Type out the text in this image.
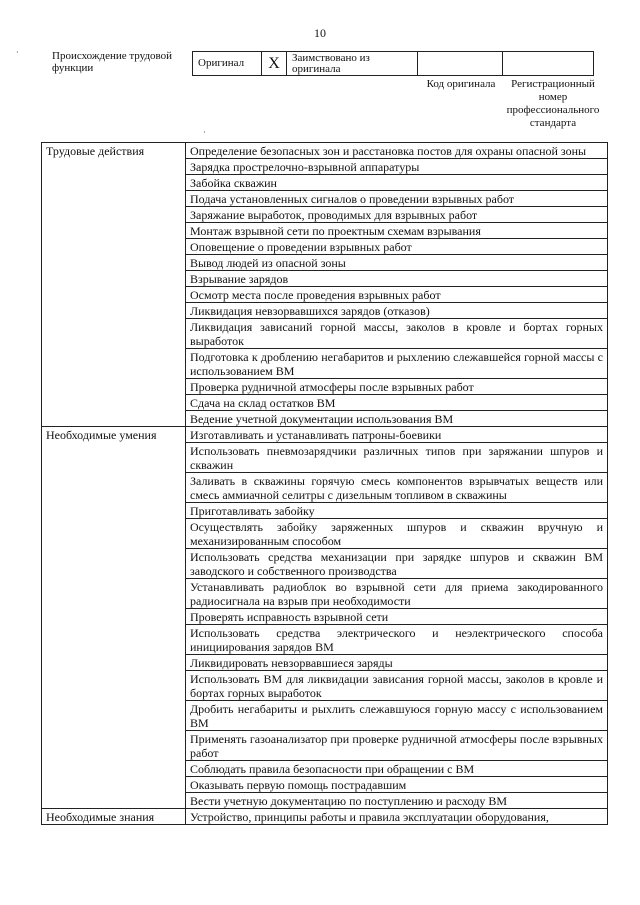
·
10
Происхождение трудовой функции	Оригинал	X	Заимствовано из оригинала		
Код оригинала	Регистрационный номер профессионального стандарта
·
Трудовые действия	Определение безопасных зон и расстановка постов для охраны опасной зоны
	Зарядка прострелочно-взрывной аппаратуры
	Забойка скважин
	Подача установленных сигналов о проведении взрывных работ
	Заряжание выработок, проводимых для взрывных работ
	Монтаж взрывной сети по проектным схемам взрывания
	Оповещение о проведении взрывных работ
	Вывод людей из опасной зоны
	Взрывание зарядов
	Осмотр места после проведения взрывных работ
	Ликвидация невзорвавшихся зарядов (отказов)
	Ликвидация зависаний горной массы, заколов в кровле и бортах горных выработок
	Подготовка к дроблению негабаритов и рыхлению слежавшейся горной массы с использованием ВМ
	Проверка рудничной атмосферы после взрывных работ
	Сдача на склад остатков ВМ
	Ведение учетной документации использования ВМ
Необходимые умения	Изготавливать и устанавливать патроны-боевики
	Использовать пневмозарядчики различных типов при заряжании шпуров и скважин
	Заливать в скважины горячую смесь компонентов взрывчатых веществ или смесь аммиачной селитры с дизельным топливом в скважины
	Приготавливать забойку
	Осуществлять забойку заряженных шпуров и скважин вручную и механизированным способом
	Использовать средства механизации при зарядке шпуров и скважин ВМ заводского и собственного производства
	Устанавливать радиоблок во взрывной сети для приема закодированного радиосигнала на взрыв при необходимости
	Проверять исправность взрывной сети
	Использовать средства электрического и неэлектрического способа инициирования зарядов ВМ
	Ликвидировать невзорвавшиеся заряды
	Использовать ВМ для ликвидации зависания горной массы, заколов в кровле и бортах горных выработок
	Дробить негабариты и рыхлить слежавшуюся горную массу с использованием ВМ
	Применять газоанализатор при проверке рудничной атмосферы после взрывных работ
	Соблюдать правила безопасности при обращении с ВМ
	Оказывать первую помощь пострадавшим
	Вести учетную документацию по поступлению и расходу ВМ
Необходимые знания	Устройство, принципы работы и правила эксплуатации оборудования,
